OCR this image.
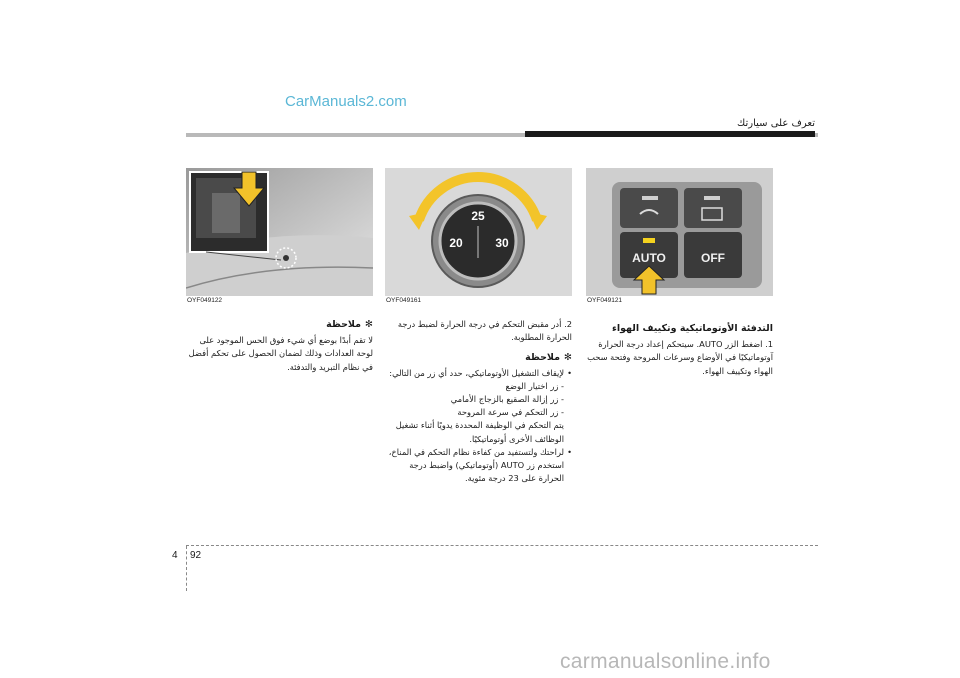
CarManuals2.com
تعرف على سيارتك
OYF049122
25
20	30
OYF049161
AUTO	OFF
OYF049121

التدفئة الأوتوماتيكية وتكييف الهواء

1. اضغط الزر AUTO. سيتحكم إعداد درجة الحرارة آوتوماتيكيًا في الأوضاع وسرعات المروحة وفتحة سحب الهواء وتكييف الهواء.

2. أدر مقبض التحكم في درجة الحرارة لضبط درجة الحرارة المطلوبة.

✻ملاحظة

•
لإيقاف التشغيل الأوتوماتيكي، حدد أي زر من التالي:

- زر اختيار الوضع

- زر إزالة الصقيع بالزجاج الأمامي

- زر التحكم في سرعة المروحة

يتم التحكم في الوظيفة المحددة يدويًا أثناء تشغيل الوظائف الأخرى أوتوماتيكيًا.

•
لراحتك ولتستفيد من كفاءة نظام التحكم في المناخ، استخدم زر AUTO (أوتوماتيكي) واضبط درجة الحرارة على 23 درجة مئوية.

✻ملاحظة

لا تقم أبدًا بوضع أي شيء فوق الحس الموجود على لوحة العدادات وذلك لضمان الحصول على تحكم أفضل في نظام التبريد والتدفئة.

4 92
carmanualsonline.info
